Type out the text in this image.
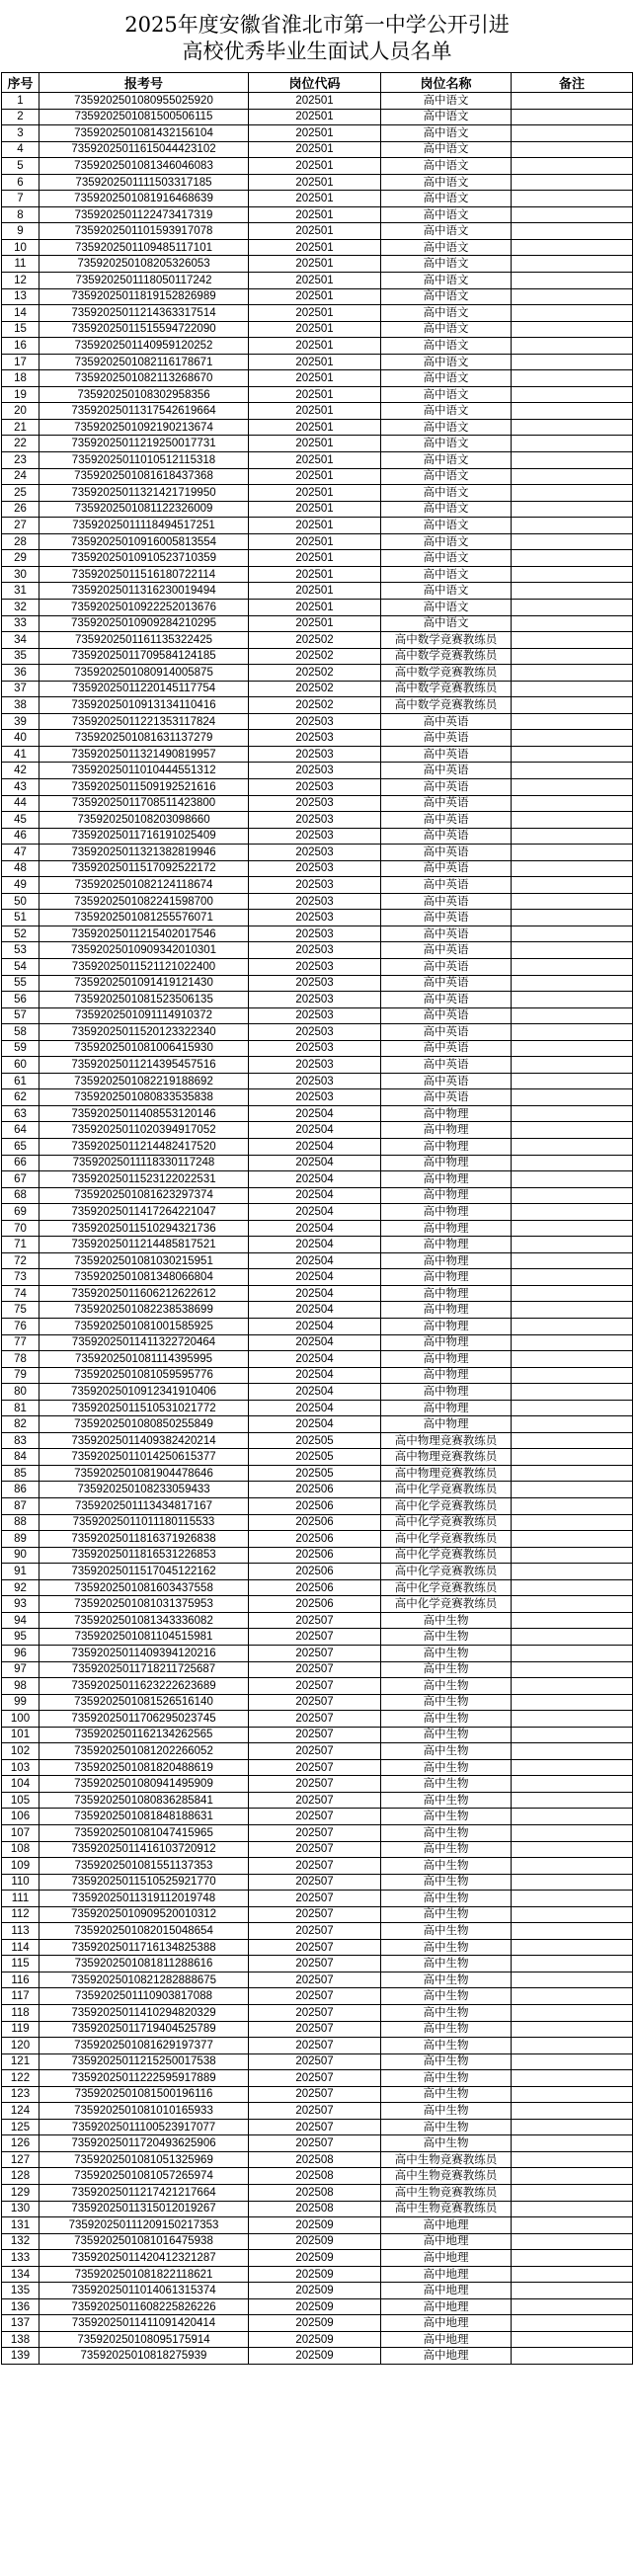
2025年度安徽省淮北市第一中学公开引进
高校优秀毕业生面试人员名单
序号	报考号	岗位代码	岗位名称	备注
1	7359202501080955025920	202501	高中语文	
2	7359202501081500506115	202501	高中语文	
3	7359202501081432156104	202501	高中语文	
4	73592025011615044423102	202501	高中语文	
5	7359202501081346046083	202501	高中语文	
6	7359202501111503317185	202501	高中语文	
7	7359202501081916468639	202501	高中语文	
8	7359202501122473417319	202501	高中语文	
9	7359202501101593917078	202501	高中语文	
10	7359202501109485117101	202501	高中语文	
11	735920250108205326053	202501	高中语文	
12	7359202501118050117242	202501	高中语文	
13	73592025011819152826989	202501	高中语文	
14	73592025011214363317514	202501	高中语文	
15	73592025011515594722090	202501	高中语文	
16	7359202501140959120252	202501	高中语文	
17	7359202501082116178671	202501	高中语文	
18	7359202501082113268670	202501	高中语文	
19	735920250108302958356	202501	高中语文	
20	73592025011317542619664	202501	高中语文	
21	7359202501092190213674	202501	高中语文	
22	73592025011219250017731	202501	高中语文	
23	73592025011010512115318	202501	高中语文	
24	7359202501081618437368	202501	高中语文	
25	73592025011321421719950	202501	高中语文	
26	7359202501081122326009	202501	高中语文	
27	73592025011118494517251	202501	高中语文	
28	73592025010916005813554	202501	高中语文	
29	73592025010910523710359	202501	高中语文	
30	73592025011516180722114	202501	高中语文	
31	73592025011316230019494	202501	高中语文	
32	73592025010922252013676	202501	高中语文	
33	73592025010909284210295	202501	高中语文	
34	7359202501161135322425	202502	高中数学竞赛教练员	
35	73592025011709584124185	202502	高中数学竞赛教练员	
36	7359202501080914005875	202502	高中数学竞赛教练员	
37	73592025011220145117754	202502	高中数学竞赛教练员	
38	73592025010913134110416	202502	高中数学竞赛教练员	
39	73592025011221353117824	202503	高中英语	
40	7359202501081631137279	202503	高中英语	
41	73592025011321490819957	202503	高中英语	
42	73592025011010444551312	202503	高中英语	
43	73592025011509192521616	202503	高中英语	
44	73592025011708511423800	202503	高中英语	
45	735920250108203098660	202503	高中英语	
46	73592025011716191025409	202503	高中英语	
47	73592025011321382819946	202503	高中英语	
48	73592025011517092522172	202503	高中英语	
49	7359202501082124118674	202503	高中英语	
50	7359202501082241598700	202503	高中英语	
51	7359202501081255576071	202503	高中英语	
52	73592025011215402017546	202503	高中英语	
53	73592025010909342010301	202503	高中英语	
54	73592025011521121022400	202503	高中英语	
55	7359202501091419121430	202503	高中英语	
56	7359202501081523506135	202503	高中英语	
57	7359202501091114910372	202503	高中英语	
58	73592025011520123322340	202503	高中英语	
59	7359202501081006415930	202503	高中英语	
60	73592025011214395457516	202503	高中英语	
61	7359202501082219188692	202503	高中英语	
62	7359202501080833535838	202503	高中英语	
63	73592025011408553120146	202504	高中物理	
64	73592025011020394917052	202504	高中物理	
65	73592025011214482417520	202504	高中物理	
66	73592025011118330117248	202504	高中物理	
67	73592025011523122022531	202504	高中物理	
68	7359202501081623297374	202504	高中物理	
69	73592025011417264221047	202504	高中物理	
70	73592025011510294321736	202504	高中物理	
71	73592025011214485817521	202504	高中物理	
72	7359202501081030215951	202504	高中物理	
73	7359202501081348066804	202504	高中物理	
74	73592025011606212622612	202504	高中物理	
75	7359202501082238538699	202504	高中物理	
76	7359202501081001585925	202504	高中物理	
77	73592025011411322720464	202504	高中物理	
78	7359202501081114395995	202504	高中物理	
79	7359202501081059595776	202504	高中物理	
80	73592025010912341910406	202504	高中物理	
81	73592025011510531021772	202504	高中物理	
82	7359202501080850255849	202504	高中物理	
83	73592025011409382420214	202505	高中物理竞赛教练员	
84	73592025011014250615377	202505	高中物理竞赛教练员	
85	7359202501081904478646	202505	高中物理竞赛教练员	
86	735920250108233059433	202506	高中化学竞赛教练员	
87	7359202501113434817167	202506	高中化学竞赛教练员	
88	73592025011011180115533	202506	高中化学竞赛教练员	
89	73592025011816371926838	202506	高中化学竞赛教练员	
90	73592025011816531226853	202506	高中化学竞赛教练员	
91	73592025011517045122162	202506	高中化学竞赛教练员	
92	7359202501081603437558	202506	高中化学竞赛教练员	
93	7359202501081031375953	202506	高中化学竞赛教练员	
94	7359202501081343336082	202507	高中生物	
95	7359202501081104515981	202507	高中生物	
96	73592025011409394120216	202507	高中生物	
97	73592025011718211725687	202507	高中生物	
98	73592025011623222623689	202507	高中生物	
99	7359202501081526516140	202507	高中生物	
100	73592025011706295023745	202507	高中生物	
101	7359202501162134262565	202507	高中生物	
102	7359202501081202266052	202507	高中生物	
103	7359202501081820488619	202507	高中生物	
104	7359202501080941495909	202507	高中生物	
105	7359202501080836285841	202507	高中生物	
106	7359202501081848188631	202507	高中生物	
107	7359202501081047415965	202507	高中生物	
108	73592025011416103720912	202507	高中生物	
109	7359202501081551137353	202507	高中生物	
110	73592025011510525921770	202507	高中生物	
111	73592025011319112019748	202507	高中生物	
112	73592025010909520010312	202507	高中生物	
113	7359202501082015048654	202507	高中生物	
114	73592025011716134825388	202507	高中生物	
115	7359202501081811288616	202507	高中生物	
116	73592025010821282888675	202507	高中生物	
117	7359202501110903817088	202507	高中生物	
118	73592025011410294820329	202507	高中生物	
119	73592025011719404525789	202507	高中生物	
120	7359202501081629197377	202507	高中生物	
121	73592025011215250017538	202507	高中生物	
122	73592025011222595917889	202507	高中生物	
123	7359202501081500196116	202507	高中生物	
124	7359202501081010165933	202507	高中生物	
125	73592025011100523917077	202507	高中生物	
126	73592025011720493625906	202507	高中生物	
127	7359202501081051325969	202508	高中生物竞赛教练员	
128	7359202501081057265974	202508	高中生物竞赛教练员	
129	73592025011217421217664	202508	高中生物竞赛教练员	
130	73592025011315012019267	202508	高中生物竞赛教练员	
131	735920250111209150217353	202509	高中地理	
132	7359202501081016475938	202509	高中地理	
133	73592025011420412321287	202509	高中地理	
134	7359202501081822118621	202509	高中地理	
135	73592025011014061315374	202509	高中地理	
136	73592025011608225826226	202509	高中地理	
137	73592025011411091420414	202509	高中地理	
138	735920250108095175914	202509	高中地理	
139	73592025010818275939	202509	高中地理	
